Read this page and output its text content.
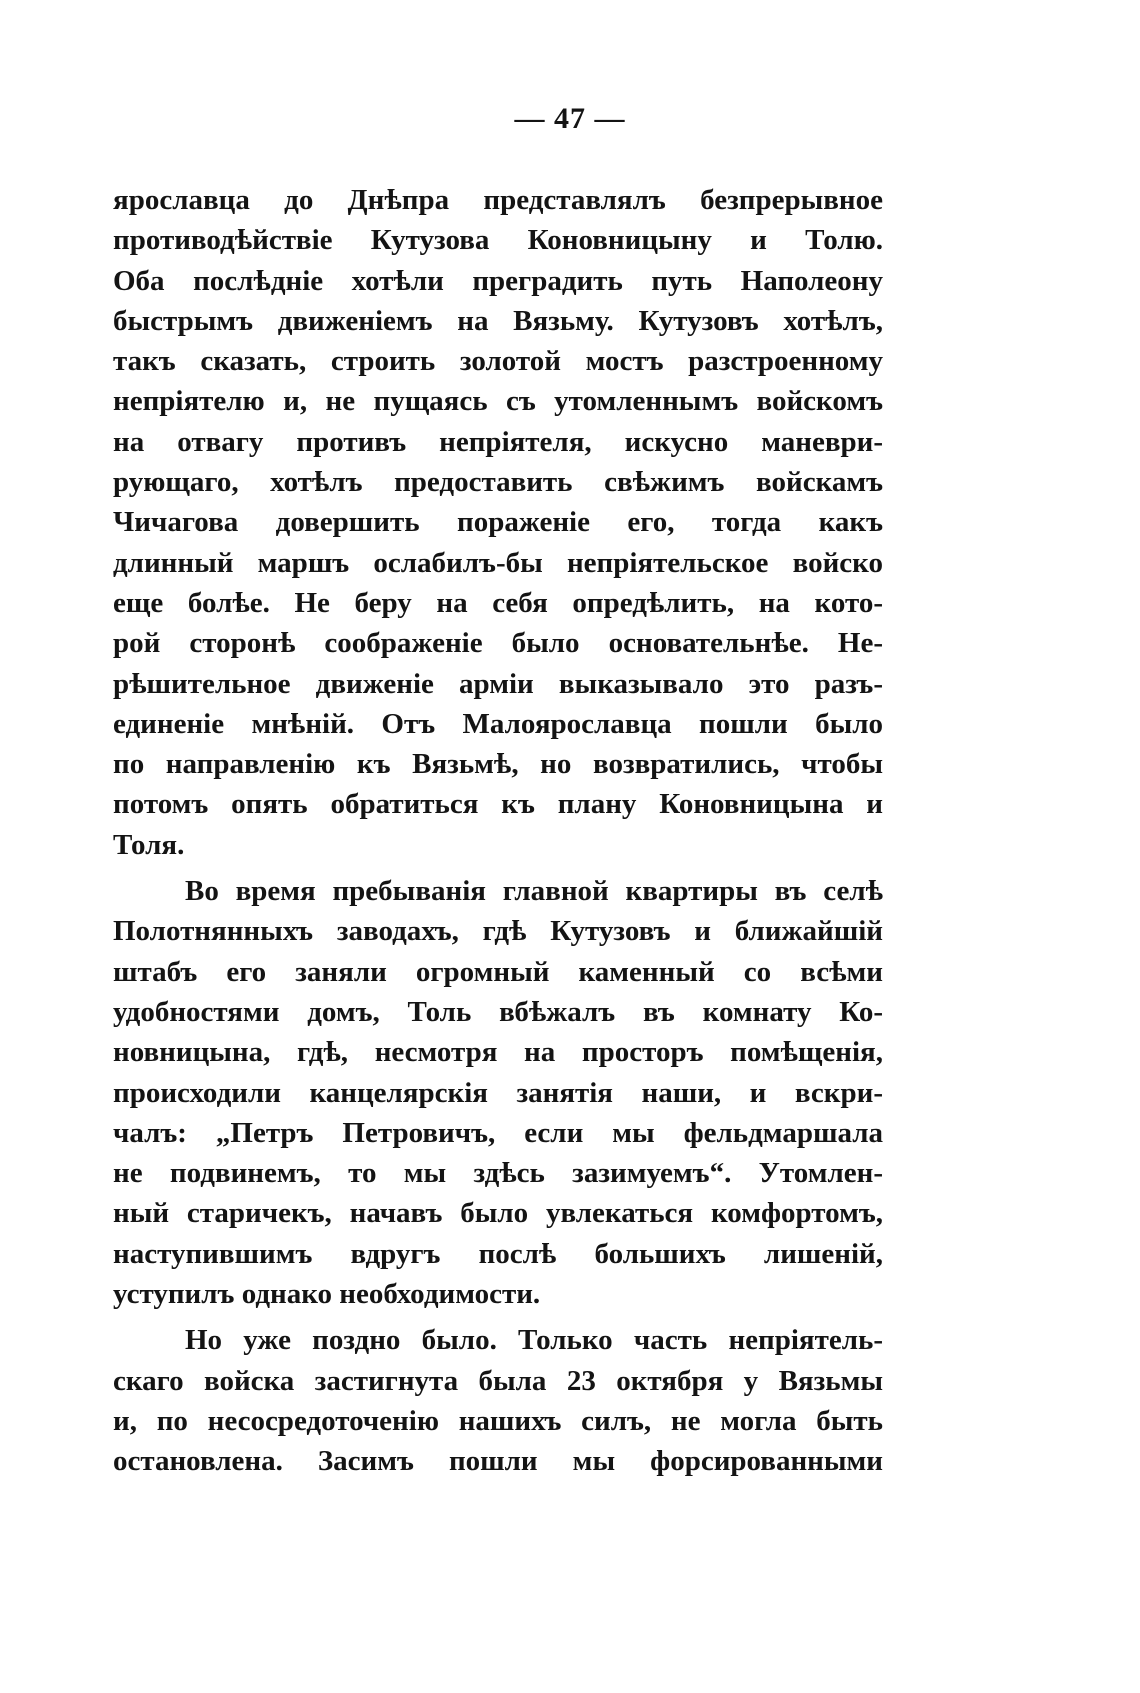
— 47 —
ярославца до Днѣпра представлялъ безпрерывное
противодѣйствіе Кутузова Коновницыну и Толю.
Оба послѣдніе хотѣли преградить путь Наполеону
быстрымъ движеніемъ на Вязьму. Кутузовъ хотѣлъ,
такъ сказать, строить золотой мостъ разстроенному
непріятелю и, не пущаясь съ утомленнымъ войскомъ
на отвагу противъ непріятеля, искусно маневри-
рующаго, хотѣлъ предоставить свѣжимъ войскамъ
Чичагова довершить пораженіе его, тогда какъ
длинный маршъ ослабилъ-бы непріятельское войско
еще болѣе. Не беру на себя опредѣлить, на кото-
рой сторонѣ соображеніе было основательнѣе. Не-
рѣшительное движеніе арміи выказывало это разъ-
единеніе мнѣній. Отъ Малоярославца пошли было
по направленію къ Вязьмѣ, но возвратились, чтобы
потомъ опять обратиться къ плану Коновницына и
Толя.
Во время пребыванія главной квартиры въ селѣ
Полотнянныхъ заводахъ, гдѣ Кутузовъ и ближайшій
штабъ его заняли огромный каменный со всѣми
удобностями домъ, Толь вбѣжалъ въ комнату Ко-
новницына, гдѣ, несмотря на просторъ помѣщенія,
происходили канцелярскія занятія наши, и вскри-
чалъ: „Петръ Петровичъ, если мы фельдмаршала
не подвинемъ, то мы здѣсь зазимуемъ“. Утомлен-
ный старичекъ, начавъ было увлекаться комфортомъ,
наступившимъ вдругъ послѣ большихъ лишеній,
уступилъ однако необходимости.
Но уже поздно было. Только часть непріятель-
скаго войска застигнута была 23 октября у Вязьмы
и, по несосредоточенію нашихъ силъ, не могла быть
остановлена. Засимъ пошли мы форсированными
